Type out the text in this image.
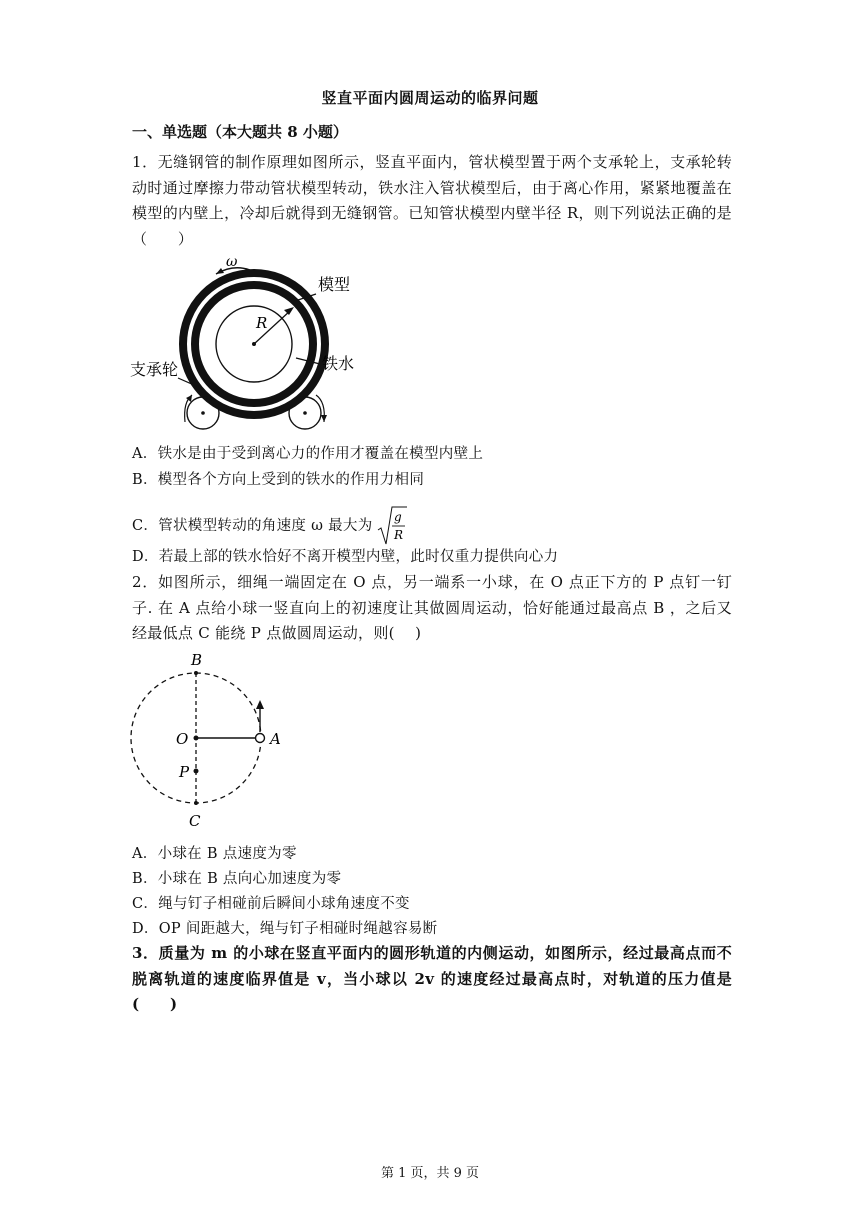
竖直平面内圆周运动的临界问题
一、单选题（本大题共 8 小题）
1．无缝钢管的制作原理如图所示，竖直平面内，管状模型置于两个支承轮上，支承轮转动时通过摩擦力带动管状模型转动，铁水注入管状模型后，由于离心作用，紧紧地覆盖在模型的内壁上，冷却后就得到无缝钢管。已知管状模型内壁半径 R，则下列说法正确的是（　　）
ω
R
模型
铁水
支承轮
A．铁水是由于受到离心力的作用才覆盖在模型内壁上
B．模型各个方向上受到的铁水的作用力相同
C．管状模型转动的角速度 ω 最大为
g
R
D．若最上部的铁水恰好不离开模型内壁，此时仅重力提供向心力
2．如图所示，细绳一端固定在 O 点，另一端系一小球，在 O 点正下方的 P 点钉一钉子. 在 A 点给小球一竖直向上的初速度让其做圆周运动，恰好能通过最高点 B ，之后又经最低点 C 能绕 P 点做圆周运动，则(　 )
B
O
P
C
A
A．小球在 B 点速度为零
B．小球在 B 点向心加速度为零
C．绳与钉子相碰前后瞬间小球角速度不变
D．OP 间距越大，绳与钉子相碰时绳越容易断
3．质量为 m 的小球在竖直平面内的圆形轨道的内侧运动，如图所示，经过最高点而不脱离轨道的速度临界值是 v，当小球以 2v 的速度经过最高点时，对轨道的压力值是(　　)
第 1 页，共 9 页
